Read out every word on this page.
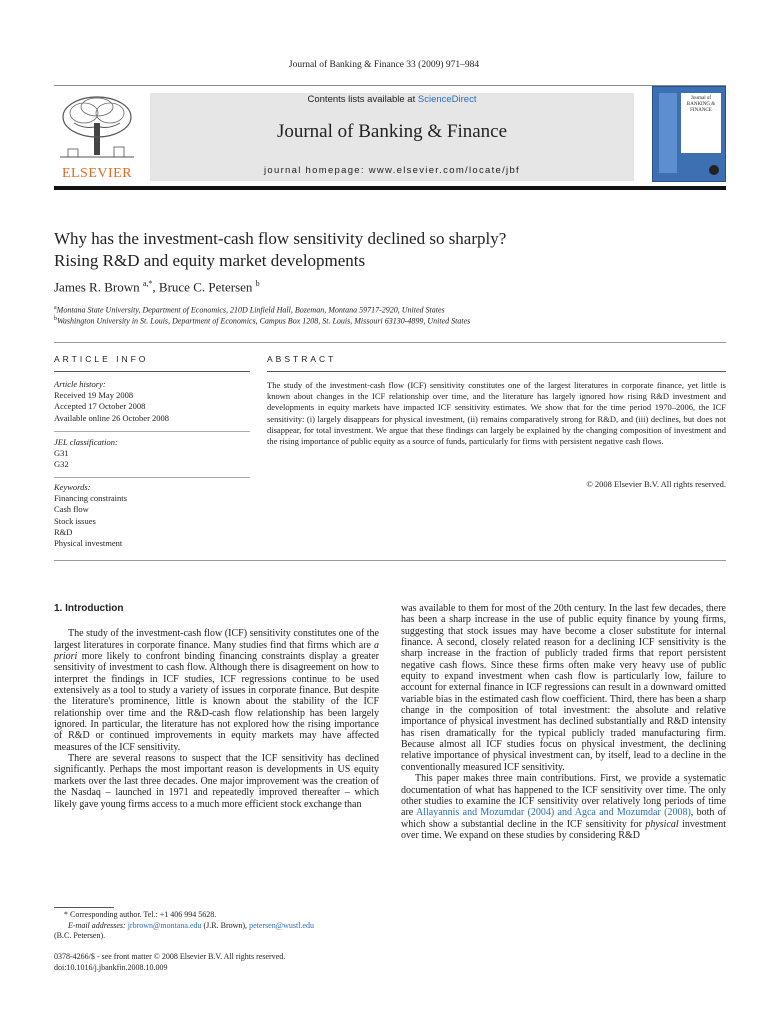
Journal of Banking & Finance 33 (2009) 971–984
ELSEVIER
Contents lists available at ScienceDirect
Journal of Banking & Finance
journal homepage: www.elsevier.com/locate/jbf
Journal of BANKING & FINANCE
Why has the investment-cash flow sensitivity declined so sharply?
Rising R&D and equity market developments
James R. Brown $^{a,*}$, Bruce C. Petersen $^b$
$^a$Montana State University, Department of Economics, 210D Linfield Hall, Bozeman, Montana 59717-2920, United States
$^b$Washington University in St. Louis, Department of Economics, Campus Box 1208, St. Louis, Missouri 63130-4899, United States
ARTICLE INFO	ABSTRACT
Article history:
Received 19 May 2008
Accepted 17 October 2008
Available online 26 October 2008
JEL classification:
G31
G32
Keywords:
Financing constraints
Cash flow
Stock issues
R&D
Physical investment
The study of the investment-cash flow (ICF) sensitivity constitutes one of the largest literatures in corporate finance, yet little is known about changes in the ICF relationship over time, and the literature has largely ignored how rising R&D investment and developments in equity markets have impacted ICF sensitivity estimates. We show that for the time period 1970–2006, the ICF sensitivity: (i) largely disappears for physical investment, (ii) remains comparatively strong for R&D, and (iii) declines, but does not disappear, for total investment. We argue that these findings can largely be explained by the changing composition of investment and the rising importance of public equity as a source of funds, particularly for firms with persistent negative cash flows.
© 2008 Elsevier B.V. All rights reserved.

1. Introduction

The study of the investment-cash flow (ICF) sensitivity constitutes one of the largest literatures in corporate finance. Many studies find that firms which are a priori more likely to confront binding financing constraints display a greater sensitivity of investment to cash flow. Although there is disagreement on how to interpret the findings in ICF studies, ICF regressions continue to be used extensively as a tool to study a variety of issues in corporate finance. But despite the literature's prominence, little is known about the stability of the ICF relationship over time and the R&D-cash flow relationship has been largely ignored. In particular, the literature has not explored how the rising importance of R&D or continued improvements in equity markets may have affected measures of the ICF sensitivity.

There are several reasons to suspect that the ICF sensitivity has declined significantly. Perhaps the most important reason is developments in US equity markets over the last three decades. One major improvement was the creation of the Nasdaq – launched in 1971 and repeatedly improved thereafter – which likely gave young firms access to a much more efficient stock exchange than

* Corresponding author. Tel.: +1 406 994 5628.
E-mail addresses: jrbrown@montana.edu (J.R. Brown), petersen@wustl.edu
(B.C. Petersen).
0378-4266/$ - see front matter © 2008 Elsevier B.V. All rights reserved.
doi:10.1016/j.jbankfin.2008.10.009

was available to them for most of the 20th century. In the last few decades, there has been a sharp increase in the use of public equity finance by young firms, suggesting that stock issues may have become a closer substitute for internal finance. A second, closely related reason for a declining ICF sensitivity is the sharp increase in the fraction of publicly traded firms that report persistent negative cash flows. Since these firms often make very heavy use of public equity to expand investment when cash flow is particularly low, failure to account for external finance in ICF regressions can result in a downward omitted variable bias in the estimated cash flow coefficient. Third, there has been a sharp change in the composition of total investment: the absolute and relative importance of physical investment has declined substantially and R&D intensity has risen dramatically for the typical publicly traded manufacturing firm. Because almost all ICF studies focus on physical investment, the declining relative importance of physical investment can, by itself, lead to a decline in the conventionally measured ICF sensitivity.

This paper makes three main contributions. First, we provide a systematic documentation of what has happened to the ICF sensitivity over time. The only other studies to examine the ICF sensitivity over relatively long periods of time are Allayannis and Mozumdar (2004) and Agca and Mozumdar (2008), both of which show a substantial decline in the ICF sensitivity for physical investment over time. We expand on these studies by considering R&D
